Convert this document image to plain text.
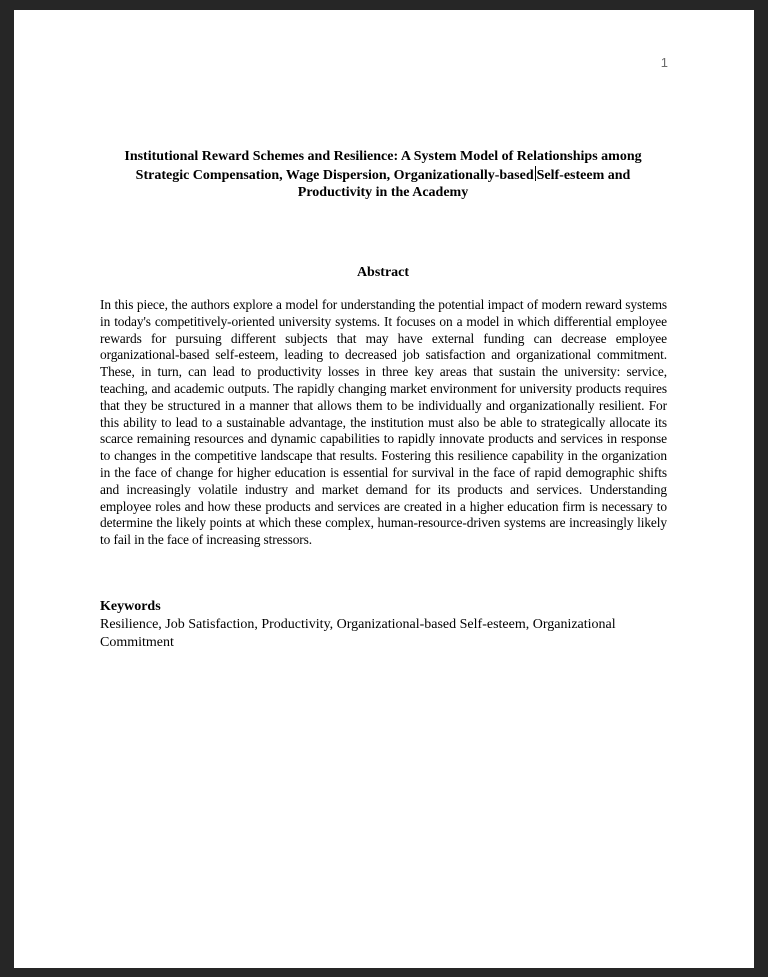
1
Institutional Reward Schemes and Resilience: A System Model of Relationships among Strategic Compensation, Wage Dispersion, Organizationally-based Self-esteem and Productivity in the Academy
Abstract

In this piece, the authors explore a model for understanding the potential impact of modern reward systems in today's competitively-oriented university systems. It focuses on a model in which differential employee rewards for pursuing different subjects that may have external funding can decrease employee organizational-based self-esteem, leading to decreased job satisfaction and organizational commitment. These, in turn, can lead to productivity losses in three key areas that sustain the university: service, teaching, and academic outputs. The rapidly changing market environment for university products requires that they be structured in a manner that allows them to be individually and organizationally resilient. For this ability to lead to a sustainable advantage, the institution must also be able to strategically allocate its scarce remaining resources and dynamic capabilities to rapidly innovate products and services in response to changes in the competitive landscape that results. Fostering this resilience capability in the organization in the face of change for higher education is essential for survival in the face of rapid demographic shifts and increasingly volatile industry and market demand for its products and services. Understanding employee roles and how these products and services are created in a higher education firm is necessary to determine the likely points at which these complex, human-resource-driven systems are increasingly likely to fail in the face of increasing stressors.

Keywords

Resilience, Job Satisfaction, Productivity, Organizational-based Self-esteem, Organizational Commitment
